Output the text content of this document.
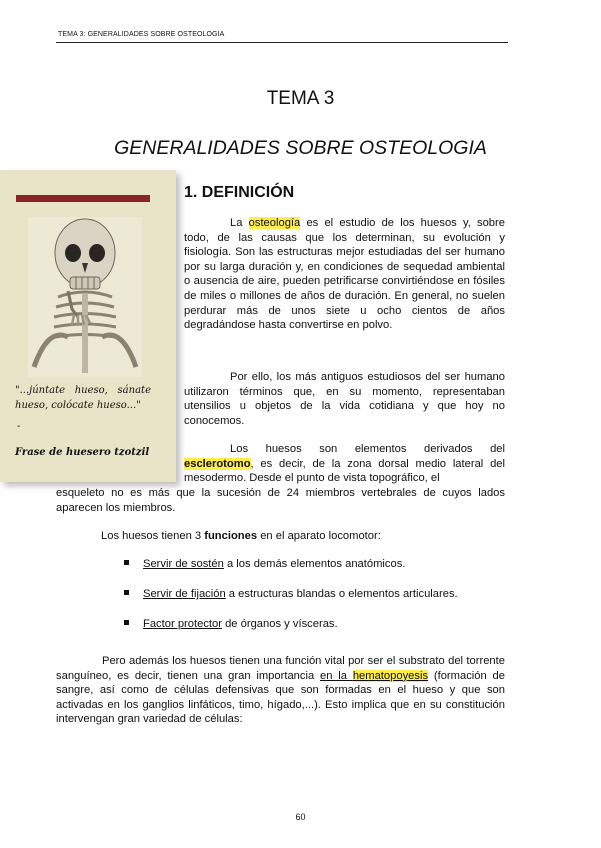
TEMA 3: GENERALIDADES SOBRE OSTEOLOGIA
TEMA 3
GENERALIDADES SOBRE OSTEOLOGIA
"...júntate hueso, sánate hueso, colócate hueso..."
-
Frase de huesero tzotzil
1. DEFINICIÓN
La osteología es el estudio de los huesos y, sobre todo, de las causas que los determinan, su evolución y fisiología. Son las estructuras mejor estudiadas del ser humano por su larga duración y, en condiciones de sequedad ambiental o ausencia de aire, pueden petrificarse convirtiéndose en fósiles de miles o millones de años de duración. En general, no suelen perdurar más de unos siete u ocho cientos de años degradándose hasta convertirse en polvo.
Por ello, los más antiguos estudiosos del ser humano utilizaron términos que, en su momento, representaban utensilios u objetos de la vida cotidiana y que hoy no conocemos.
Los huesos son elementos derivados del esclerotomo, es decir, de la zona dorsal medio lateral del mesodermo. Desde el punto de vista topográfico, el
esqueleto no es más que la sucesión de 24 miembros vertebrales de cuyos lados aparecen los miembros.
Los huesos tienen 3 funciones en el aparato locomotor:
Servir de sostén a los demás elementos anatómicos.
Servir de fijación a estructuras blandas o elementos articulares.
Factor protector de órganos y vísceras.
Pero además los huesos tienen una función vital por ser el substrato del torrente sanguíneo, es decir, tienen una gran importancia en la hematopoyesis (formación de sangre, así como de células defensivas que son formadas en el hueso y que son activadas en los ganglios linfáticos, timo, hígado,...). Esto implica que en su constitución intervengan gran variedad de células:
60
